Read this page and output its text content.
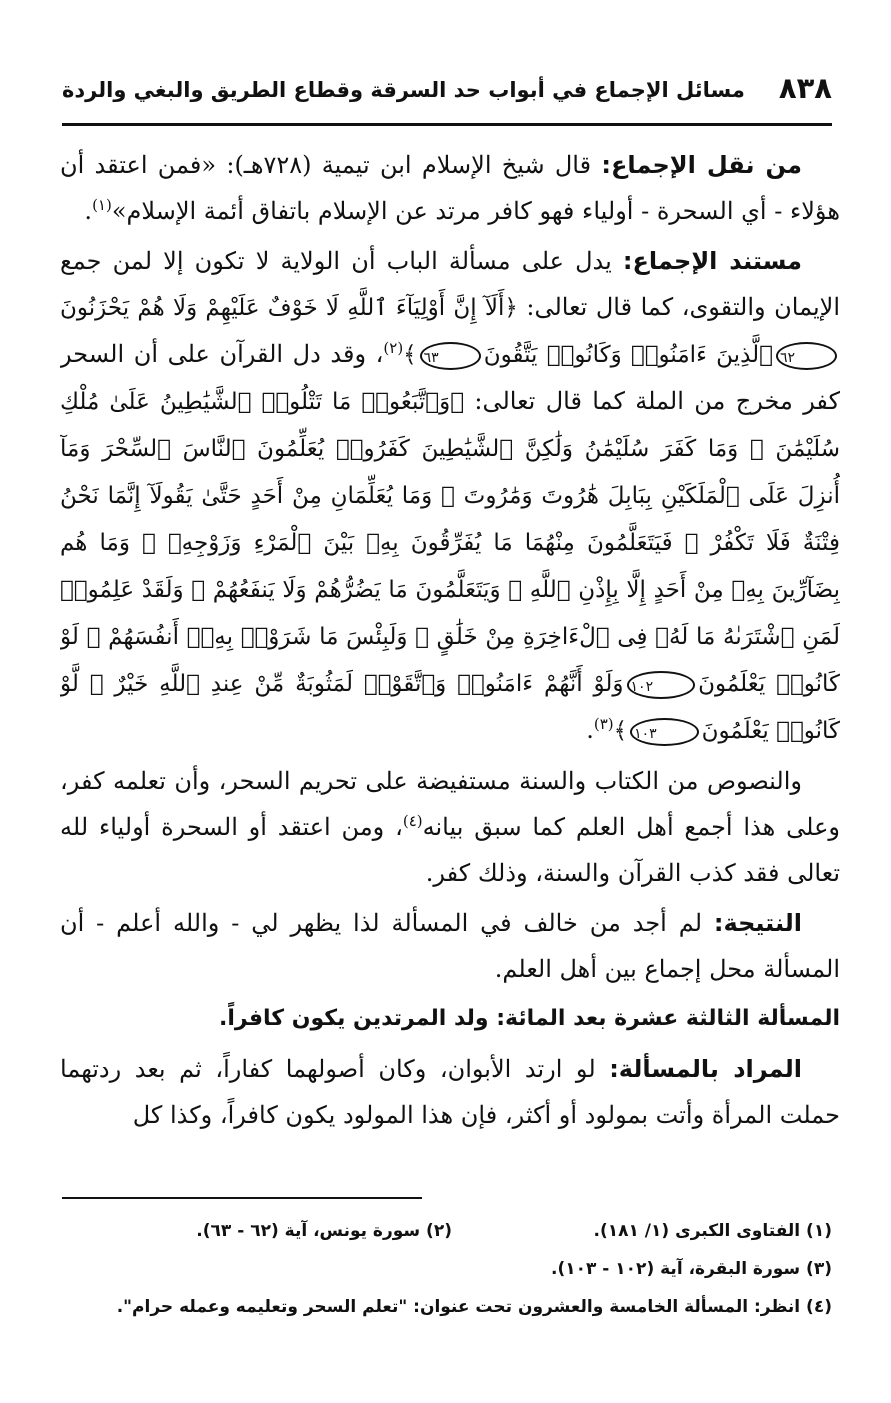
٨٣٨
مسائل الإجماع في أبواب حد السرقة وقطاع الطريق والبغي والردة

من نقل الإجماع: قال شيخ الإسلام ابن تيمية (٧٢٨هـ): «فمن اعتقد أن هؤلاء - أي السحرة - أولياء فهو كافر مرتد عن الإسلام باتفاق أئمة الإسلام»$^{(١)}$.

مستند الإجماع: يدل على مسألة الباب أن الولاية لا تكون إلا لمن جمع الإيمان والتقوى، كما قال تعالى: ﴿أَلَآ إِنَّ أَوْلِيَآءَ ٱللَّهِ لَا خَوْفٌ عَلَيْهِمْ وَلَا هُمْ يَحْزَنُونَ٦٢ٱلَّذِينَ ءَامَنُوا۟ وَكَانُوا۟ يَتَّقُونَ٦٣﴾$^{(٢)}$، وقد دل القرآن على أن السحر كفر مخرج من الملة كما قال تعالى: ﴿وَٱتَّبَعُوا۟ مَا تَتْلُوا۟ ٱلشَّيَٰطِينُ عَلَىٰ مُلْكِ سُلَيْمَٰنَ ۖ وَمَا كَفَرَ سُلَيْمَٰنُ وَلَٰكِنَّ ٱلشَّيَٰطِينَ كَفَرُوا۟ يُعَلِّمُونَ ٱلنَّاسَ ٱلسِّحْرَ وَمَآ أُنزِلَ عَلَى ٱلْمَلَكَيْنِ بِبَابِلَ هَٰرُوتَ وَمَٰرُوتَ ۚ وَمَا يُعَلِّمَانِ مِنْ أَحَدٍ حَتَّىٰ يَقُولَآ إِنَّمَا نَحْنُ فِتْنَةٌ فَلَا تَكْفُرْ ۖ فَيَتَعَلَّمُونَ مِنْهُمَا مَا يُفَرِّقُونَ بِهِۦ بَيْنَ ٱلْمَرْءِ وَزَوْجِهِۦ ۚ وَمَا هُم بِضَآرِّينَ بِهِۦ مِنْ أَحَدٍ إِلَّا بِإِذْنِ ٱللَّهِ ۚ وَيَتَعَلَّمُونَ مَا يَضُرُّهُمْ وَلَا يَنفَعُهُمْ ۚ وَلَقَدْ عَلِمُوا۟ لَمَنِ ٱشْتَرَىٰهُ مَا لَهُۥ فِى ٱلْءَاخِرَةِ مِنْ خَلَٰقٍ ۚ وَلَبِئْسَ مَا شَرَوْا۟ بِهِۦٓ أَنفُسَهُمْ ۚ لَوْ كَانُوا۟ يَعْلَمُونَ١٠٢وَلَوْ أَنَّهُمْ ءَامَنُوا۟ وَٱتَّقَوْا۟ لَمَثُوبَةٌ مِّنْ عِندِ ٱللَّهِ خَيْرٌ ۖ لَّوْ كَانُوا۟ يَعْلَمُونَ١٠٣﴾$^{(٣)}$.

والنصوص من الكتاب والسنة مستفيضة على تحريم السحر، وأن تعلمه كفر، وعلى هذا أجمع أهل العلم كما سبق بيانه$^{(٤)}$، ومن اعتقد أو السحرة أولياء لله تعالى فقد كذب القرآن والسنة، وذلك كفر.

النتيجة: لم أجد من خالف في المسألة لذا يظهر لي - والله أعلم - أن المسألة محل إجماع بين أهل العلم.

المسألة الثالثة عشرة بعد المائة: ولد المرتدين يكون كافراً.

المراد بالمسألة: لو ارتد الأبوان، وكان أصولهما كفاراً، ثم بعد ردتهما حملت المرأة وأتت بمولود أو أكثر، فإن هذا المولود يكون كافراً، وكذا كل

(١) الفتاوى الكبرى (١/ ١٨١).
(٢) سورة يونس، آية (٦٢ - ٦٣).
(٣) سورة البقرة، آية (١٠٢ - ١٠٣).
(٤) انظر: المسألة الخامسة والعشرون تحت عنوان: "تعلم السحر وتعليمه وعمله حرام".
